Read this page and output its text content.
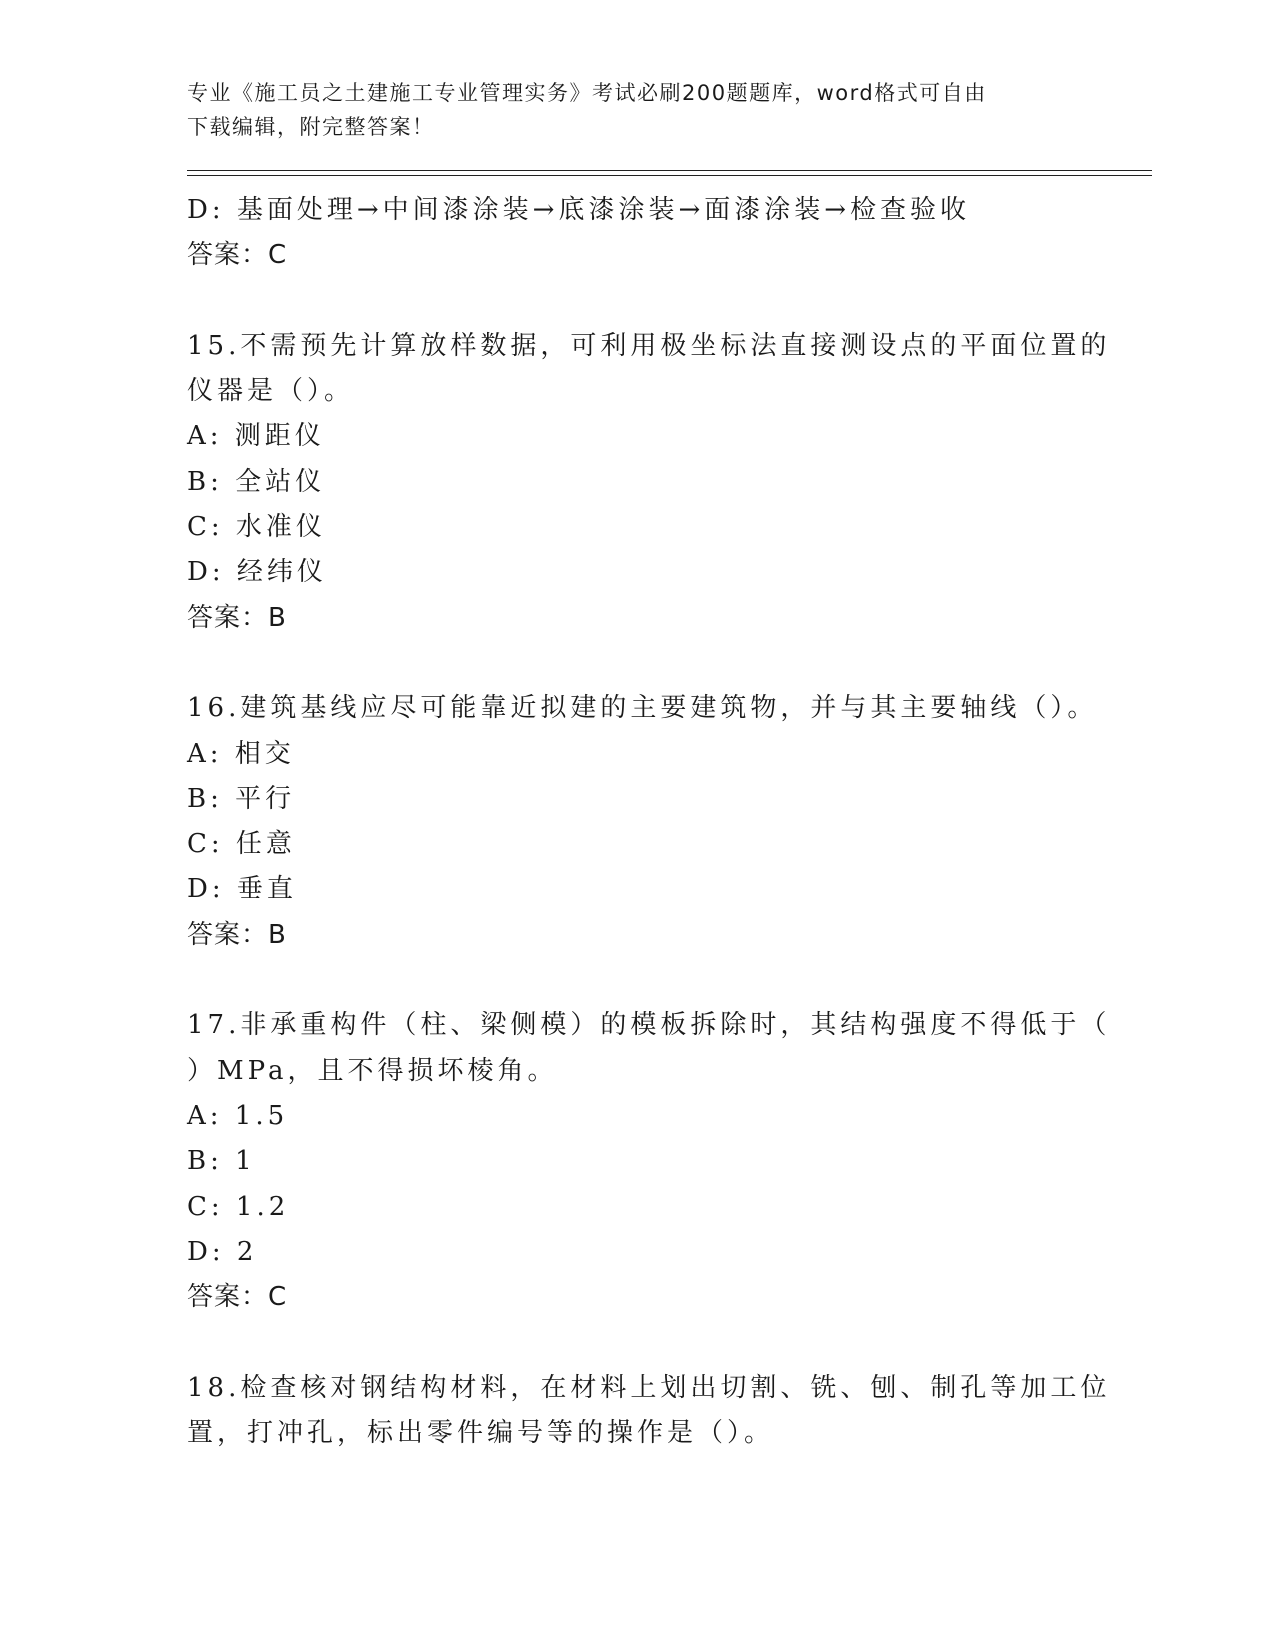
专业《施工员之土建施工专业管理实务》考试必刷200题题库，word格式可自由
下载编辑，附完整答案！
D: 基面处理→中间漆涂装→底漆涂装→面漆涂装→检查验收
答案：C
15.不需预先计算放样数据，可利用极坐标法直接测设点的平面位置的
仪器是（）。
A: 测距仪
B: 全站仪
C: 水准仪
D: 经纬仪
答案：B
16.建筑基线应尽可能靠近拟建的主要建筑物，并与其主要轴线（）。
A: 相交
B: 平行
C: 任意
D: 垂直
答案：B
17.非承重构件（柱、梁侧模）的模板拆除时，其结构强度不得低于（
）MPa，且不得损坏棱角。
A: 1.5
B: 1
C: 1.2
D: 2
答案：C
18.检查核对钢结构材料，在材料上划出切割、铣、刨、制孔等加工位
置，打冲孔，标出零件编号等的操作是（）。
